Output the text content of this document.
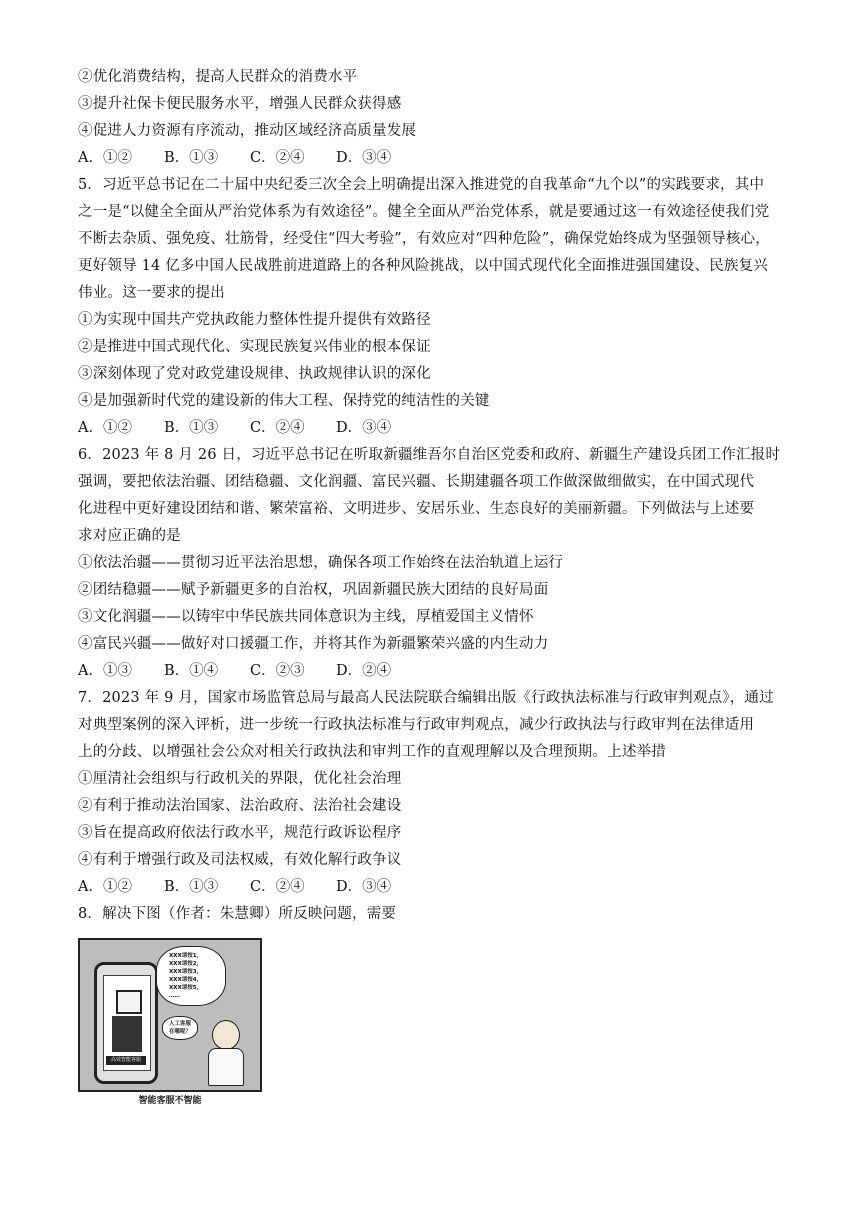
②优化消费结构，提高人民群众的消费水平
③提升社保卡便民服务水平，增强人民群众获得感
④促进人力资源有序流动，推动区域经济高质量发展
A．①② B．①③ C．②④ D．③④
5．习近平总书记在二十届中央纪委三次全会上明确提出深入推进党的自我革命“九个以”的实践要求，其中
之一是“以健全全面从严治党体系为有效途径”。健全全面从严治党体系，就是要通过这一有效途径使我们党
不断去杂质、强免疫、壮筋骨，经受住“四大考验”，有效应对“四种危险”，确保党始终成为坚强领导核心，
更好领导 14 亿多中国人民战胜前进道路上的各种风险挑战，以中国式现代化全面推进强国建设、民族复兴
伟业。这一要求的提出
①为实现中国共产党执政能力整体性提升提供有效路径
②是推进中国式现代化、实现民族复兴伟业的根本保证
③深刻体现了党对政党建设规律、执政规律认识的深化
④是加强新时代党的建设新的伟大工程、保持党的纯洁性的关键
A．①② B．①③ C．②④ D．③④
6．2023 年 8 月 26 日，习近平总书记在听取新疆维吾尔自治区党委和政府、新疆生产建设兵团工作汇报时
强调，要把依法治疆、团结稳疆、文化润疆、富民兴疆、长期建疆各项工作做深做细做实，在中国式现代
化进程中更好建设团结和谐、繁荣富裕、文明进步、安居乐业、生态良好的美丽新疆。下列做法与上述要
求对应正确的是
①依法治疆——贯彻习近平法治思想，确保各项工作始终在法治轨道上运行
②团结稳疆——赋予新疆更多的自治权，巩固新疆民族大团结的良好局面
③文化润疆——以铸牢中华民族共同体意识为主线，厚植爱国主义情怀
④富民兴疆——做好对口援疆工作，并将其作为新疆繁荣兴盛的内生动力
A．①③ B．①④ C．②③ D．②④
7．2023 年 9 月，国家市场监管总局与最高人民法院联合编辑出版《行政执法标准与行政审判观点》，通过
对典型案例的深入评析，进一步统一行政执法标准与行政审判观点，减少行政执法与行政审判在法律适用
上的分歧、以增强社会公众对相关行政执法和审判工作的直观理解以及合理预期。上述举措
①厘清社会组织与行政机关的界限，优化社会治理
②有利于推动法治国家、法治政府、法治社会建设
③旨在提高政府依法行政水平，规范行政诉讼程序
④有利于增强行政及司法权威，有效化解行政争议
A．①② B．①③ C．②④ D．③④
8．解决下图（作者：朱慧卿）所反映问题，需要
高效智能客服
XXX请按1，
XXX请按2，
XXX请按3，
XXX请按4，
XXX请按5，
……
人工客服
在哪呢？
智能客服不智能
